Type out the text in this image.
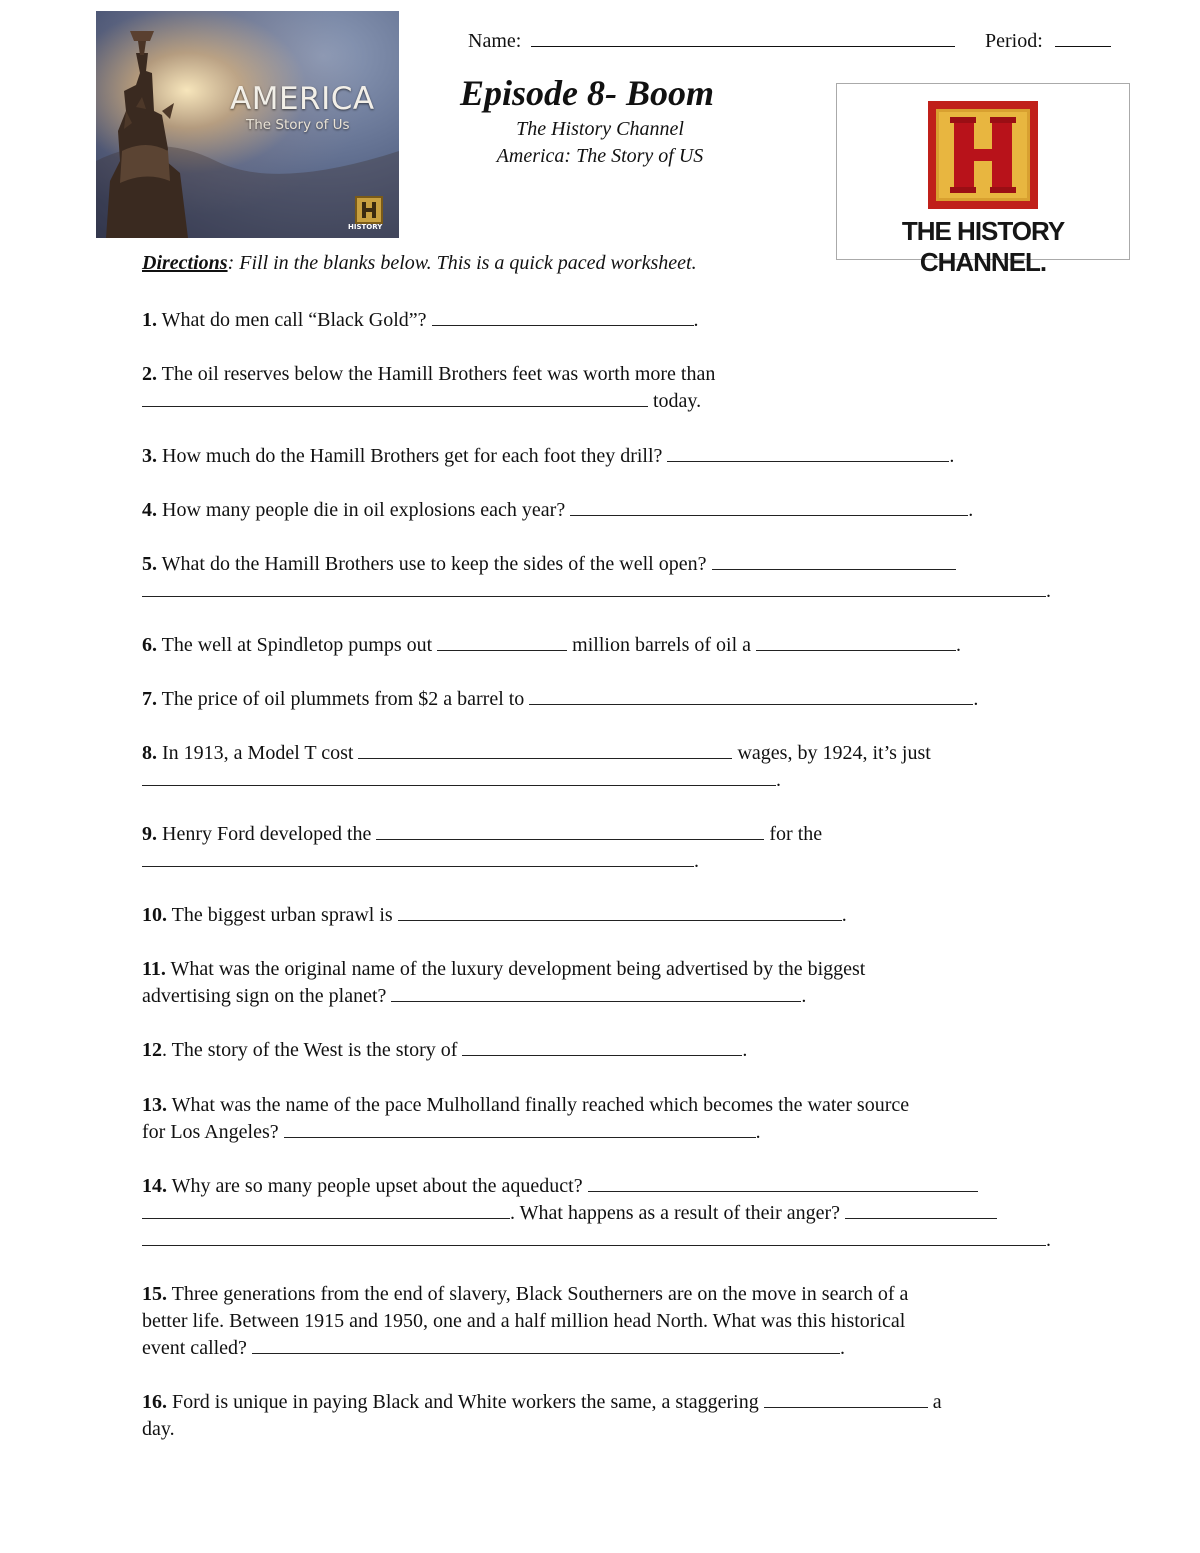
AMERICA
The Story of Us
HISTORY
Name:	Period:
Episode 8- Boom
The History Channel
America: The Story of US
THE HISTORY CHANNEL.
Directions: Fill in the blanks below. This is a quick paced worksheet.
1. What do men call “Black Gold”?	.
2. The oil reserves below the Hamill Brothers feet was worth more than
today.
3. How much do the Hamill Brothers get for each foot they drill?	.
4. How many people die in oil explosions each year?	.
5. What do the Hamill Brothers use to keep the sides of the well open?
.
6. The well at Spindletop pumps out	million barrels of oil a	.
7. The price of oil plummets from $2 a barrel to	.
8. In 1913, a Model T cost	wages, by 1924, it’s just
.
9. Henry Ford developed the	for the
.
10. The biggest urban sprawl is	.
11. What was the original name of the luxury development being advertised by the biggest
advertising sign on the planet?	.
12. The story of the West is the story of	.
13. What was the name of the pace Mulholland finally reached which becomes the water source
for Los Angeles?	.
14. Why are so many people upset about the aqueduct?
. What happens as a result of their anger?
.
15. Three generations from the end of slavery, Black Southerners are on the move in search of a
better life. Between 1915 and 1950, one and a half million head North. What was this historical
event called?	.
16. Ford is unique in paying Black and White workers the same, a staggering	a
day.
